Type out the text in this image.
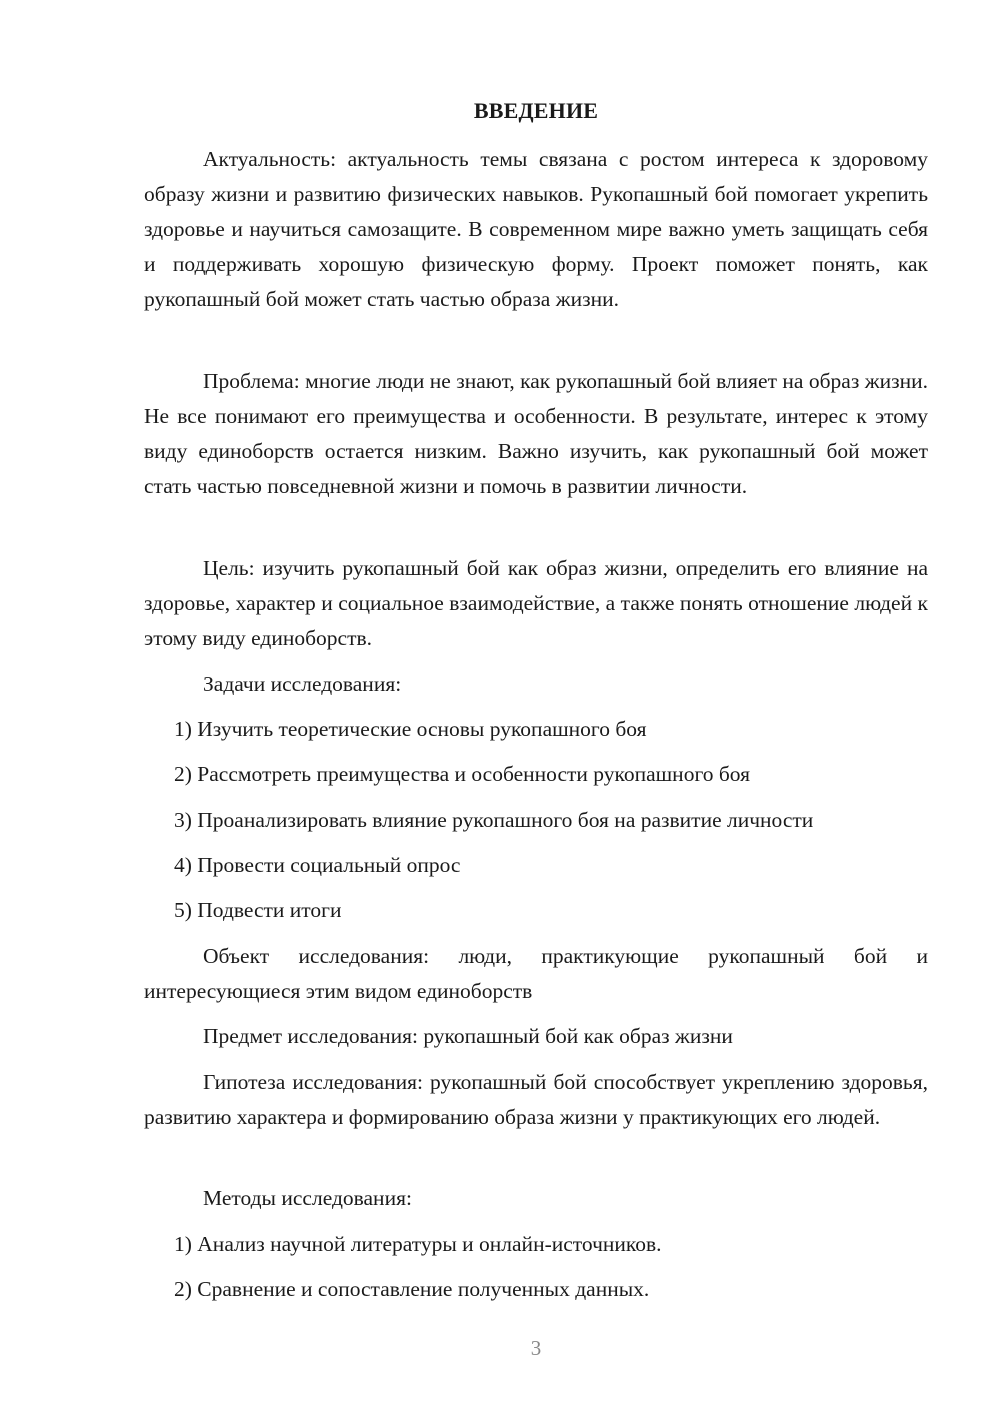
ВВЕДЕНИЕ

Актуальность: актуальность темы связана с ростом интереса к здоровому образу жизни и развитию физических навыков. Рукопашный бой помогает укрепить здоровье и научиться самозащите. В современном мире важно уметь защищать себя и поддерживать хорошую физическую форму. Проект поможет понять, как рукопашный бой может стать частью образа жизни.

Проблема: многие люди не знают, как рукопашный бой влияет на образ жизни. Не все понимают его преимущества и особенности. В результате, интерес к этому виду единоборств остается низким. Важно изучить, как рукопашный бой может стать частью повседневной жизни и помочь в развитии личности.

Цель: изучить рукопашный бой как образ жизни, определить его влияние на здоровье, характер и социальное взаимодействие, а также понять отношение людей к этому виду единоборств.

Задачи исследования:
1) Изучить теоретические основы рукопашного боя
2) Рассмотреть преимущества и особенности рукопашного боя
3) Проанализировать влияние рукопашного боя на развитие личности
4) Провести социальный опрос
5) Подвести итоги

Объект исследования: люди, практикующие рукопашный бой и интересующиеся этим видом единоборств

Предмет исследования: рукопашный бой как образ жизни

Гипотеза исследования: рукопашный бой способствует укреплению здоровья, развитию характера и формированию образа жизни у практикующих его людей.

Методы исследования:
1) Анализ научной литературы и онлайн-источников.
2) Сравнение и сопоставление полученных данных.
3
